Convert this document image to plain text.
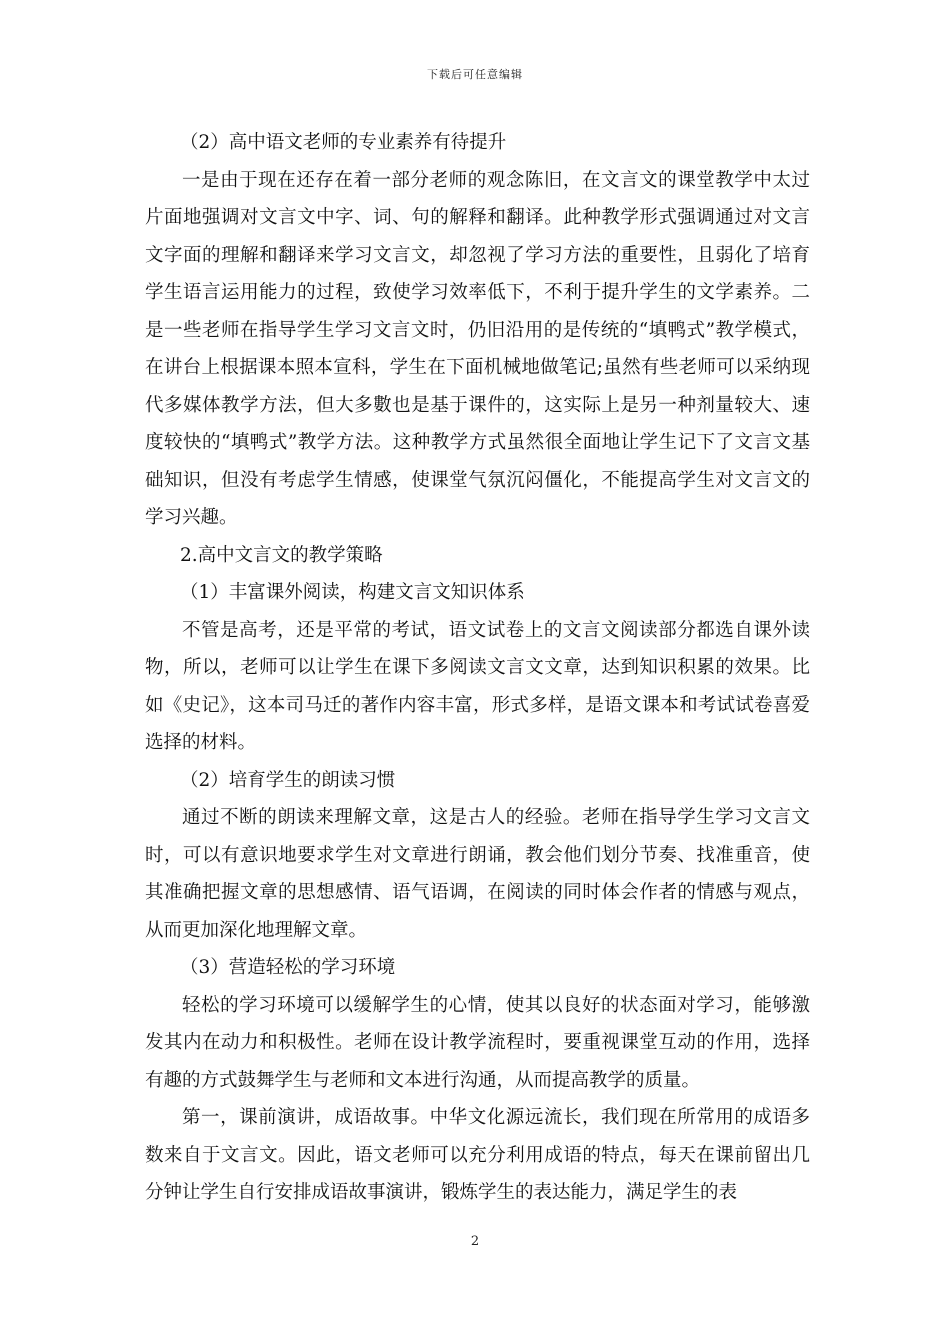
下载后可任意编辑

（2）高中语文老师的专业素养有待提升

一是由于现在还存在着一部分老师的观念陈旧，在文言文的课堂教学中太过片面地强调对文言文中字、词、句的解释和翻译。此种教学形式强调通过对文言文字面的理解和翻译来学习文言文，却忽视了学习方法的重要性，且弱化了培育学生语言运用能力的过程，致使学习效率低下，不利于提升学生的文学素养。二是一些老师在指导学生学习文言文时，仍旧沿用的是传统的“填鸭式”教学模式，在讲台上根据课本照本宣科，学生在下面机械地做笔记;虽然有些老师可以采纳现代多媒体教学方法，但大多數也是基于课件的，这实际上是另一种剂量较大、速度较快的“填鸭式”教学方法。这种教学方式虽然很全面地让学生记下了文言文基础知识，但没有考虑学生情感，使课堂气氛沉闷僵化，不能提高学生对文言文的学习兴趣。

2.高中文言文的教学策略

（1）丰富课外阅读，构建文言文知识体系

不管是高考，还是平常的考试，语文试卷上的文言文阅读部分都选自课外读物，所以，老师可以让学生在课下多阅读文言文文章，达到知识积累的效果。比如《史记》，这本司马迁的著作内容丰富，形式多样，是语文课本和考试试卷喜爱选择的材料。

（2）培育学生的朗读习惯

通过不断的朗读来理解文章，这是古人的经验。老师在指导学生学习文言文时，可以有意识地要求学生对文章进行朗诵，教会他们划分节奏、找准重音，使其准确把握文章的思想感情、语气语调，在阅读的同时体会作者的情感与观点，从而更加深化地理解文章。

（3）营造轻松的学习环境

轻松的学习环境可以缓解学生的心情，使其以良好的状态面对学习，能够激发其内在动力和积极性。老师在设计教学流程时，要重视课堂互动的作用，选择有趣的方式鼓舞学生与老师和文本进行沟通，从而提高教学的质量。

第一，课前演讲，成语故事。中华文化源远流长，我们现在所常用的成语多数来自于文言文。因此，语文老师可以充分利用成语的特点，每天在课前留出几分钟让学生自行安排成语故事演讲，锻炼学生的表达能力，满足学生的表

2
